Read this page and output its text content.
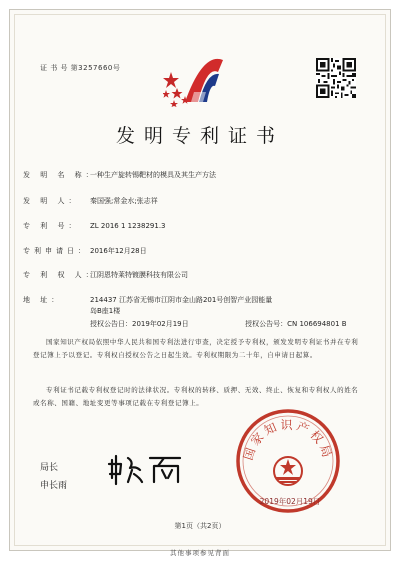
证 书 号 第3257660号
发明专利证书
发 明 名 称：一种生产旋转锡靶材的模具及其生产方法
发 明 人： 秦国强;常金水;张志祥
专 利 号： ZL 2016 1 1238291.3
专利申请日：2016年12月28日
专 利 权 人：江阴恩特莱特镀膜科技有限公司
地 址：	214437 江苏省无锡市江阴市金山路201号创智产业园能量
岛B座1楼
授权公告日：2019年02月19日	授权公告号：CN 106694801 B
国家知识产权局依照中华人民共和国专利法进行审查，决定授予专利权，颁发发明专利证书并在专利登记簿上予以登记。专利权自授权公告之日起生效。专利权期限为二十年，自申请日起算。
专利证书记载专利权登记时的法律状况。专利权的转移、质押、无效、终止、恢复和专利权人的姓名或名称、国籍、地址变更等事项记载在专利登记簿上。
局长
申长雨
国家知识产权局
2019年02月19日
第1页（共2页）
其他事项参见背面
